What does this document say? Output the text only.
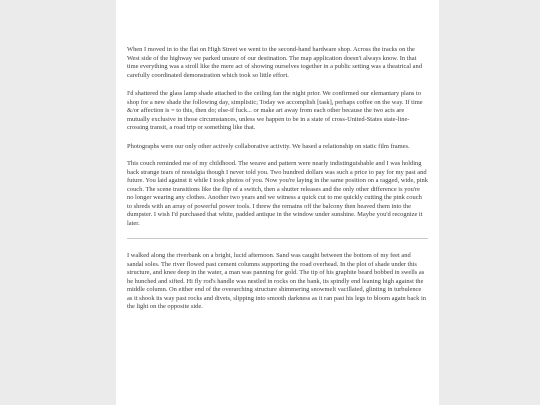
When I moved in to the flat on High Street we went to the second-hand hardware shop. Across the tracks on the West side of the highway we parked unsure of our destination. The map application doesn't always know. In that time everything was a stroll like the mere act of showing ourselves together in a public setting was a theatrical and carefully coordinated demonstration which took so little effort.

I'd shattered the glass lamp shade attached to the ceiling fan the night prior. We confirmed our elemantary plans to shop for a new shade the following day, simplistic; Today we accomplish [task], perhaps coffee on the way. If time &/or affection is = to this, then do; else-if fuck... or make art away from each other because the two acts are mutually exclusive in those circumstances, unless we happen to be in a state of cross-United-States state-line-crossing transit, a road trip or something like that.

Photographs were our only other actively collaborative activity. We based a relationship on static film frames.

This couch reminded me of my childhood. The weave and pattern were nearly indistinguishable and I was holding back strange tears of nostalgia though I never told you. Two hundred dollars was such a price to pay for my past and future. You laid against it while I took photos of you. Now you're laying in the same position on a ragged, wide, pink couch. The scene transitions like the flip of a switch, then a shutter releases and the only other difference is you're no longer wearing any clothes. Another two years and we witness a quick cut to me quickly cutting the pink couch to shreds with an array of powerful power tools. I threw the remains off the balcony then heaved them into the dumpster. I wish I'd purchased that white, padded antique in the window under sunshine. Maybe you'd recognize it later.

I walked along the riverbank on a bright, lucid afternoon. Sand was caught between the bottom of my feet and sandal soles. The river flowed past cement columns supporting the road overhead. In the plot of shade under this structure, and knee deep in the water, a man was panning for gold. The tip of his graphite beard bobbed in swells as he hunched and sifted. Hi fly rod's handle was nestled in rocks on the bank, its spindly end leaning high against the middle column. On either end of the overarching structure shimmering snowmelt vacillated, glinting in turbulence as it shook its way past rocks and divets, slipping into smooth darkness as it ran past his legs to bloom again back in the light on the opposite side.
